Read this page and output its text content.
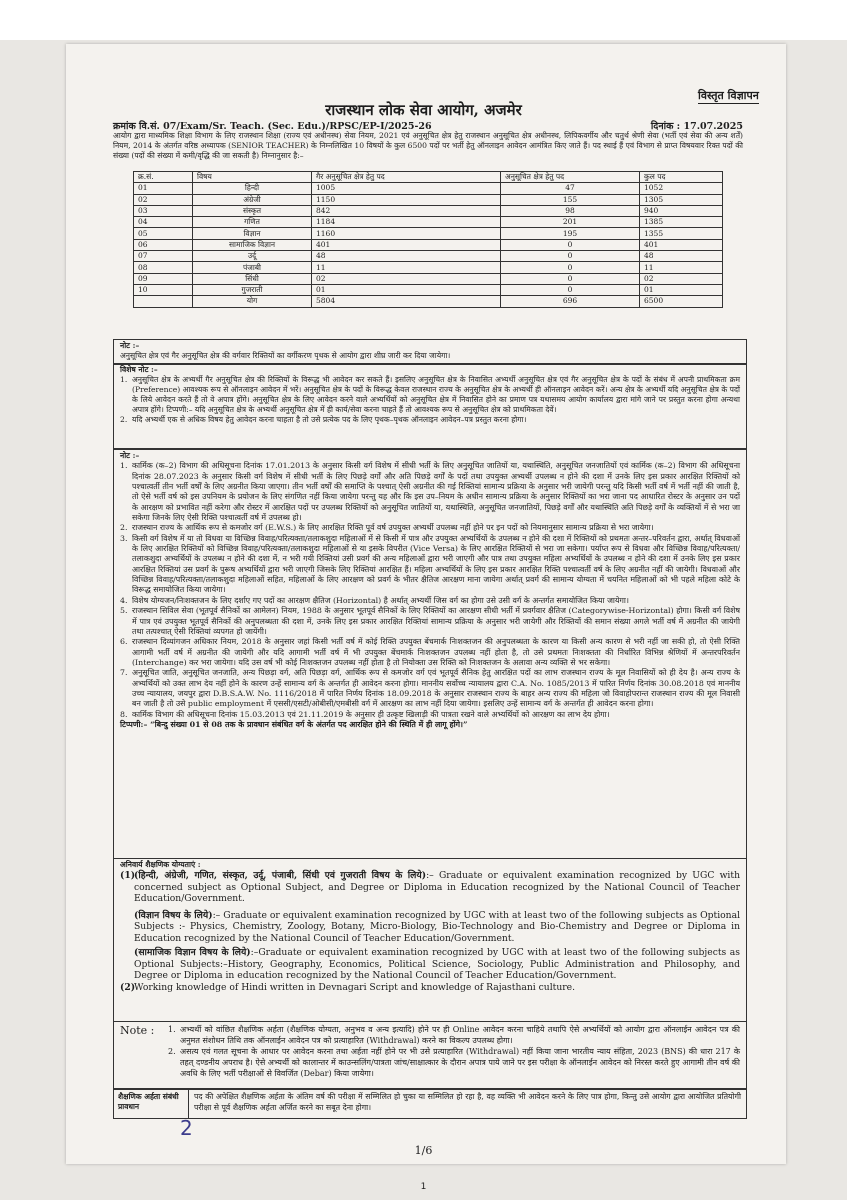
विस्तृत विज्ञापन
राजस्थान लोक सेवा आयोग, अजमेर
क्रमांक वि.सं. 07/Exam/Sr. Teach. (Sec. Edu.)/RPSC/EP-I/2025-26	दिनांक : 17.07.2025
आयोग द्वारा माध्यमिक शिक्षा विभाग के लिए राजस्थान शिक्षा (राज्य एवं अधीनस्थ) सेवा नियम, 2021 एवं अनुसूचित क्षेत्र हेतु राजस्थान अनुसूचित क्षेत्र अधीनस्थ, लिपिकवर्गीय और चतुर्थ श्रेणी सेवा (भर्ती एवं सेवा की अन्य शर्तें) नियम, 2014 के अंतर्गत वरिष्ठ अध्यापक (SENIOR TEACHER) के निम्नलिखित 10 विषयों के कुल 6500 पदों पर भर्ती हेतु ऑनलाइन आवेदन आमंत्रित किए जाते हैं। पद स्थाई हैं एवं विभाग से प्राप्त विषयवार रिक्त पदों की संख्या (पदों की संख्या में कमी/वृद्धि की जा सकती है) निम्नानुसार है:–
क्र.सं.	विषय	गैर अनुसूचित क्षेत्र हेतु पद	अनुसूचित क्षेत्र हेतु पद	कुल पद
01	हिन्दी	1005	47	1052
02	अंग्रेजी	1150	155	1305
03	संस्कृत	842	98	940
04	गणित	1184	201	1385
05	विज्ञान	1160	195	1355
06	सामाजिक विज्ञान	401	0	401
07	उर्दू	48	0	48
08	पंजाबी	11	0	11
09	सिंधी	02	0	02
10	गुजराती	01	0	01
	योग	5804	696	6500
नोट :–
अनुसूचित क्षेत्र एवं गैर अनुसूचित क्षेत्र की वर्गवार रिक्तियों का वर्गीकरण पृथक से आयोग द्वारा शीघ्र जारी कर दिया जायेगा।
विशेष नोट :–
1. अनुसूचित क्षेत्र के अभ्यर्थी गैर अनुसूचित क्षेत्र की रिक्तियों के विरूद्ध भी आवेदन कर सकते हैं। इसलिए अनुसूचित क्षेत्र के निवासित अभ्यर्थी अनुसूचित क्षेत्र एवं गैर अनुसूचित क्षेत्र के पदों के संबंध में अपनी प्राथमिकता क्रम (Preference) आवश्यक रूप से ऑनलाइन आवेदन में भरें। अनुसूचित क्षेत्र के पदों के विरूद्ध केवल राजस्थान राज्य के अनुसूचित क्षेत्र के अभ्यर्थी ही ऑनलाइन आवेदन करें। अन्य क्षेत्र के अभ्यर्थी यदि अनुसूचित क्षेत्र के पदों के लिये आवेदन करते हैं तो वे अपात्र होंगे। अनुसूचित क्षेत्र के लिए आवेदन करने वाले अभ्यर्थियों को अनुसूचित क्षेत्र में निवासित होने का प्रमाण पत्र यथासमय आयोग कार्यालय द्वारा मांगे जाने पर प्रस्तुत करना होगा अन्यथा अपात्र होंगे। टिप्पणी:– यदि अनुसूचित क्षेत्र के अभ्यर्थी अनुसूचित क्षेत्र में ही कार्य/सेवा करना चाहते हैं तो आवश्यक रूप से अनुसूचित क्षेत्र को प्राथमिकता देवें।
2. यदि अभ्यर्थी एक से अधिक विषय हेतु आवेदन करना चाहता है तो उसे प्रत्येक पद के लिए पृथक–पृथक ऑनलाइन आवेदन–पत्र प्रस्तुत करना होगा।
नोट :–
1. कार्मिक (क–2) विभाग की अधिसूचना दिनांक 17.01.2013 के अनुसार किसी वर्ग विशेष में सीधी भर्ती के लिए अनुसूचित जातियों या, यथास्थिति, अनुसूचित जनजातियों एवं कार्मिक (क–2) विभाग की अधिसूचना दिनांक 28.07.2023 के अनुसार किसी वर्ग विशेष में सीधी भर्ती के लिए पिछड़े वर्गों और अति पिछड़े वर्गों के पदों तथा उपयुक्त अभ्यर्थी उपलब्ध न होने की दशा में उनके लिए इस प्रकार आरक्षित रिक्तियों को पश्चात्वर्ती तीन भर्ती वर्षों के लिए अग्रनीत किया जाएगा। तीन भर्ती वर्षों की समाप्ति के पश्चात् ऐसी अग्रनीत की गई रिक्तियां सामान्य प्रक्रिया के अनुसार भरी जायेगी परन्तु यदि किसी भर्ती वर्ष में भर्ती नहीं की जाती है, तो ऐसे भर्ती वर्ष को इस उपनियम के प्रयोजन के लिए संगणित नहीं किया जायेगा परन्तु यह और कि इस उप–नियम के अधीन सामान्य प्रक्रिया के अनुसार रिक्तियों का भरा जाना पद आधारित रोस्टर के अनुसार उन पदों के आरक्षण को प्रभावित नहीं करेगा और रोस्टर में आरक्षित पदों पर उपलब्ध रिक्तियों को अनुसूचित जातियों या, यथास्थिति, अनुसूचित जनजातियों, पिछड़े वर्गों और यथास्थिति अति पिछड़े वर्गों के व्यक्तियों में से भरा जा सकेगा जिनके लिए ऐसी रिक्ति पश्चात्वर्ती वर्ष में उपलब्ध हो।
2. राजस्थान राज्य के आर्थिक रूप से कमजोर वर्ग (E.W.S.) के लिए आरक्षित रिक्ति पूर्व वर्ष उपयुक्त अभ्यर्थी उपलब्ध नहीं होने पर इन पदों को नियमानुसार सामान्य प्रक्रिया से भरा जायेगा।
3. किसी वर्ग विशेष में या तो विधवा या विच्छिन्न विवाह/परित्यक्ता/तलाकशुदा महिलाओं में से किसी में पात्र और उपयुक्त अभ्यर्थियों के उपलब्ध न होने की दशा में रिक्तियों को प्रथमतः अन्तर–परिवर्तन द्वारा, अर्थात् विधवाओं के लिए आरक्षित रिक्तियों को विच्छिन्न विवाह/परित्यक्ता/तलाकशुदा महिलाओं से या इसके विपरीत (Vice Versa) के लिए आरक्षित रिक्तियों से भरा जा सकेगा। पर्याप्त रूप से विधवा और विच्छिन्न विवाह/परित्यक्ता/तलाकशुदा अभ्यर्थियों के उपलब्ध न होने की दशा में, न भरी गयी रिक्तियां उसी प्रवर्ग की अन्य महिलाओं द्वारा भरी जाएगी और पात्र तथा उपयुक्त महिला अभ्यर्थियों के उपलब्ध न होने की दशा में उनके लिए इस प्रकार आरक्षित रिक्तियां उस प्रवर्ग के पुरूष अभ्यर्थियों द्वारा भरी जाएगी जिसके लिए रिक्तियां आरक्षित हैं। महिला अभ्यर्थियों के लिए इस प्रकार आरक्षित रिक्ति पश्चात्वर्ती वर्ष के लिए अग्रनीत नहीं की जायेगी। विधवाओं और विच्छिन्न विवाह/परित्यक्ता/तलाकशुदा महिलाओं सहित, महिलाओं के लिए आरक्षण को प्रवर्ग के भीतर क्षैतिज आरक्षण माना जायेगा अर्थात् प्रवर्ग की सामान्य योग्यता में चयनित महिलाओं को भी पहले महिला कोटे के विरूद्ध समायोजित किया जायेगा।
4. विशेष योग्यजन/निःशक्तजन के लिए दर्शाए गए पदों का आरक्षण क्षैतिज (Horizontal) है अर्थात् अभ्यर्थी जिस वर्ग का होगा उसे उसी वर्ग के अन्तर्गत समायोजित किया जायेगा।
5. राजस्थान सिविल सेवा (भूतपूर्व सैनिकों का आमेलन) नियम, 1988 के अनुसार भूतपूर्व सैनिकों के लिए रिक्तियों का आरक्षण सीधी भर्ती में प्रवर्गवार क्षैतिज (Categorywise-Horizontal) होगा। किसी वर्ग विशेष में पात्र एवं उपयुक्त भूतपूर्व सैनिकों की अनुपलब्धता की दशा में, उनके लिए इस प्रकार आरक्षित रिक्तियां सामान्य प्रक्रिया के अनुसार भरी जायेगी और रिक्तियों की समान संख्या अगले भर्ती वर्ष में अग्रनीत की जायेगी तथा तत्पश्चात् ऐसी रिक्तियां व्यपगत हो जायेंगी।
6. राजस्थान दिव्यांगजन अधिकार नियम, 2018 के अनुसार जहां किसी भर्ती वर्ष में कोई रिक्ति उपयुक्त बेंचमार्क निःशक्तजन की अनुपलब्धता के कारण या किसी अन्य कारण से भरी नहीं जा सकी हो, तो ऐसी रिक्ति आगामी भर्ती वर्ष में अग्रनीत की जायेगी और यदि आगामी भर्ती वर्ष में भी उपयुक्त बेंचमार्क निःशक्तजन उपलब्ध नहीं होता है, तो उसे प्रथमतः निःशक्तता की निर्धारित विभिन्न श्रेणियों में अन्तरपरिवर्तन (Interchange) कर भरा जायेगा। यदि उस वर्ष भी कोई निःशक्तजन उपलब्ध नहीं होता है तो नियोक्ता उस रिक्ति को निःशक्तजन के अलावा अन्य व्यक्ति से भर सकेगा।
7. अनुसूचित जाति, अनुसूचित जनजाति, अन्य पिछड़ा वर्ग, अति पिछड़ा वर्ग, आर्थिक रूप से कमजोर वर्ग एवं भूतपूर्व सैनिक हेतु आरक्षित पदों का लाभ राजस्थान राज्य के मूल निवासियों को ही देय है। अन्य राज्य के अभ्यर्थियों को उक्त लाभ देय नहीं होने के कारण उन्हें सामान्य वर्ग के अन्तर्गत ही आवेदन करना होगा। माननीय सर्वोच्च न्यायालय द्वारा C.A. No. 1085/2013 में पारित निर्णय दिनांक 30.08.2018 एवं माननीय उच्च न्यायालय, जयपुर द्वारा D.B.S.A.W. No. 1116/2018 में पारित निर्णय दिनांक 18.09.2018 के अनुसार राजस्थान राज्य के बाहर अन्य राज्य की महिला जो विवाहोपरान्त राजस्थान राज्य की मूल निवासी बन जाती है तो उसे public employment में एससी/एसटी/ओबीसी/एमबीसी वर्ग में आरक्षण का लाभ नहीं दिया जायेगा। इसलिए उन्हें सामान्य वर्ग के अन्तर्गत ही आवेदन करना होगा।
8. कार्मिक विभाग की अधिसूचना दिनांक 15.03.2013 एवं 21.11.2019 के अनुसार ही उत्कृष्ट खिलाड़ी की पात्रता रखने वाले अभ्यर्थियों को आरक्षण का लाभ देय होगा।
टिप्पणी:– “बिन्दु संख्या 01 से 08 तक के प्रावधान संबंधित वर्ग के अंतर्गत पद आरक्षित होने की स्थिति में ही लागू होंगे।”
अनिवार्य शैक्षणिक योग्यताएं :
(1)
(हिन्दी, अंग्रेजी, गणित, संस्कृत, उर्दू, पंजाबी, सिंधी एवं गुजराती विषय के लिये):– Graduate or equivalent examination recognized by UGC with concerned subject as Optional Subject, and Degree or Diploma in Education recognized by the National Council of Teacher Education/Government.
(विज्ञान विषय के लिये):– Graduate or equivalent examination recognized by UGC with at least two of the following subjects as Optional Subjects :- Physics, Chemistry, Zoology, Botany, Micro-Biology, Bio-Technology and Bio-Chemistry and Degree or Diploma in Education recognized by the National Council of Teacher Education/Government.
(सामाजिक विज्ञान विषय के लिये):–Graduate or equivalent examination recognized by UGC with at least two of the following subjects as Optional Subjects:–History, Geography, Economics, Political Science, Sociology, Public Administration and Philosophy, and Degree or Diploma in education recognized by the National Council of Teacher Education/Government.
(2)
Working knowledge of Hindi written in Devnagari Script and knowledge of Rajasthani culture.
Note :	1. अभ्यर्थी को वांछित शैक्षणिक अर्हता (शैक्षणिक योग्यता, अनुभव व अन्य इत्यादि) होने पर ही Online आवेदन करना चाहिये तथापि ऐसे अभ्यर्थियों को आयोग द्वारा ऑनलाईन आवेदन पत्र की अनुमत संशोधन तिथि तक ऑनलाईन आवेदन पत्र को प्रत्याहारित (Withdrawal) करने का विकल्प उपलब्ध होगा।
2. असत्य एवं गलत सूचना के आधार पर आवेदन करना तथा अर्हता नहीं होने पर भी उसे प्रत्याहारित (Withdrawal) नहीं किया जाना भारतीय न्याय संहिता, 2023 (BNS) की धारा 217 के तहत् दण्डनीय अपराध है। ऐसे अभ्यर्थी को कालान्तर में काउन्सलिंग/पात्रता जांच/साक्षात्कार के दौरान अपात्र पाये जाने पर इस परीक्षा के ऑनलाईन आवेदन को निरस्त करते हुए आगामी तीन वर्ष की अवधि के लिए भर्ती परीक्षाओं से विवर्जित (Debar) किया जायेगा।
शैक्षणिक अर्हता संबंधी प्रावधान
पद की अपेक्षित शैक्षणिक अर्हता के अंतिम वर्ष की परीक्षा में सम्मिलित हो चुका या सम्मिलित हो रहा है, वह व्यक्ति भी आवेदन करने के लिए पात्र होगा, किन्तु उसे आयोग द्वारा आयोजित प्रतियोगी परीक्षा से पूर्व शैक्षणिक अर्हता अर्जित करने का सबूत देना होगा।
2
1/6
1
